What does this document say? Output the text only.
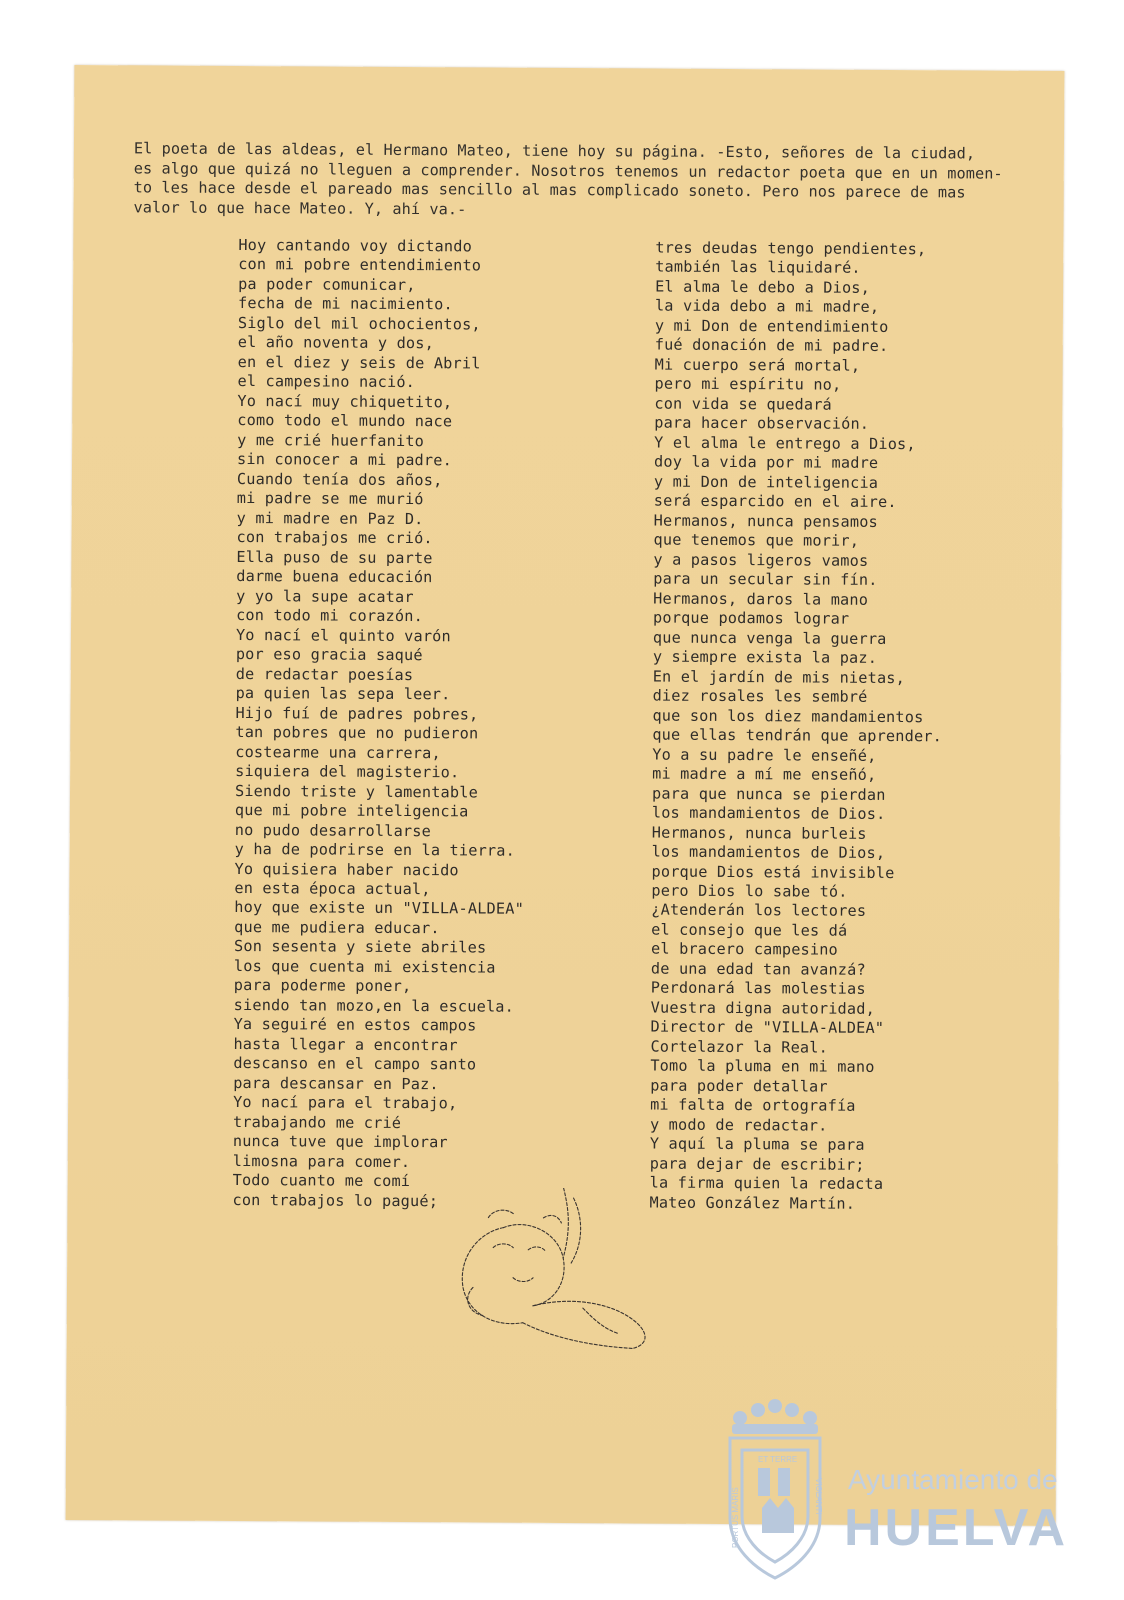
El poeta de las aldeas, el Hermano Mateo, tiene hoy su página. -Esto, señores de la ciudad,
es algo que quizá no lleguen a comprender. Nosotros tenemos un redactor poeta que en un momen-
to les hace desde el pareado mas sencillo al mas complicado soneto. Pero nos parece de mas
valor lo que hace Mateo. Y, ahí va.-
Hoy cantando voy dictando
con mi pobre entendimiento
pa poder comunicar,
fecha de mi nacimiento.
Siglo del mil ochocientos,
el año noventa y dos,
en el diez y seis de Abril
el campesino nació.
Yo nací muy chiquetito,
como todo el mundo nace
y me crié huerfanito
sin conocer a mi padre.
Cuando tenía dos años,
mi padre se me murió
y mi madre en Paz D.
con trabajos me crió.
Ella puso de su parte
darme buena educación
y yo la supe acatar
con todo mi corazón.
Yo nací el quinto varón
por eso gracia saqué
de redactar poesías
pa quien las sepa leer.
Hijo fuí de padres pobres,
tan pobres que no pudieron
costearme una carrera,
siquiera del magisterio.
Siendo triste y lamentable
que mi pobre inteligencia
no pudo desarrollarse
y ha de podrirse en la tierra.
Yo quisiera haber nacido
en esta época actual,
hoy que existe un "VILLA-ALDEA"
que me pudiera educar.
Son sesenta y siete abriles
los que cuenta mi existencia
para poderme poner,
siendo tan mozo,en la escuela.
Ya seguiré en estos campos
hasta llegar a encontrar
descanso en el campo santo
para descansar en Paz.
Yo nací para el trabajo,
trabajando me crié
nunca tuve que implorar
limosna para comer.
Todo cuanto me comí
con trabajos lo pagué;
tres deudas tengo pendientes,
también las liquidaré.
El alma le debo a Dios,
la vida debo a mi madre,
y mi Don de entendimiento
fué donación de mi padre.
Mi cuerpo será mortal,
pero mi espíritu no,
con vida se quedará
para hacer observación.
Y el alma le entrego a Dios,
doy la vida por mi madre
y mi Don de inteligencia
será esparcido en el aire.
Hermanos, nunca pensamos
que tenemos que morir,
y a pasos ligeros vamos
para un secular sin fín.
Hermanos, daros la mano
porque podamos lograr
que nunca venga la guerra
y siempre exista la paz.
En el jardín de mis nietas,
diez rosales les sembré
que son los diez mandamientos
que ellas tendrán que aprender.
Yo a su padre le enseñé,
mi madre a mí me enseñó,
para que nunca se pierdan
los mandamientos de Dios.
Hermanos, nunca burleis
los mandamientos de Dios,
porque Dios está invisible
pero Dios lo sabe tó.
¿Atenderán los lectores
el consejo que les dá
el bracero campesino
de una edad tan avanzá?
Perdonará las molestias
Vuestra digna autoridad,
Director de "VILLA-ALDEA"
Cortelazor la Real.
Tomo la pluma en mi mano
para poder detallar
mi falta de ortografía
y modo de redactar.
Y aquí la pluma se para
para dejar de escribir;
la firma quien la redacta
Mateo González Martín.
ET TERRE
PORTUS MARIS	VIOLANTI Ayuntamiento de
HUELVA
